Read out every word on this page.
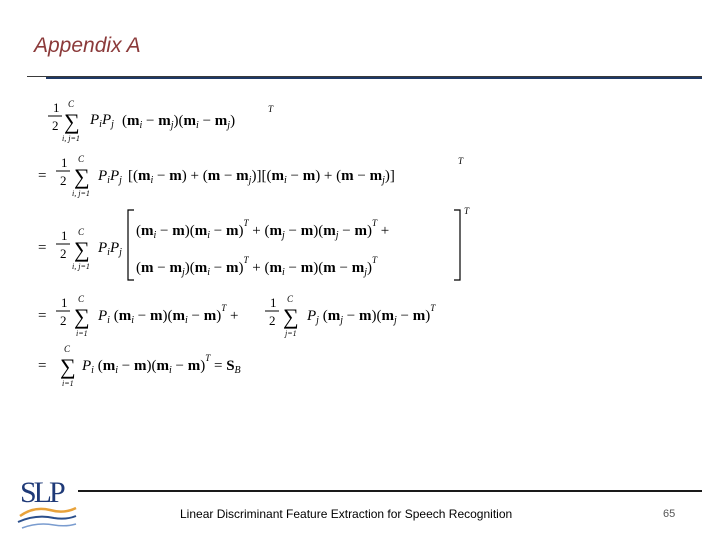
Appendix A
1
2
C
∑
i, j=1
$P_iP_j$ $(m_i - m_j)(m_i - m_j)$
T
=
1
2
C
∑
i, j=1
$P_iP_j$ $[(m_i - m) + (m - m_j)][(m_i - m) + (m - m_j)]$
T
=
1
2
C
∑
i, j=1
$P_iP_j$
T
$(m_i - m)(m_i - m)^T + (m_j - m)(m_j - m)^T$ +
$(m - m_j)(m_i - m)^T + (m_i - m)(m - m_j)^T$
=
1
2
C
∑
i=1
$P_i$ $(m_i - m)(m_i - m)^T$ +
1
2
C
∑
j=1
$P_j$ $(m_j - m)(m_j - m)^T$
=
C
∑
i=1
$P_i$ $(m_i - m)(m_i - m)^T = S_B$
Linear Discriminant Feature Extraction for Speech Recognition	65
SLP
